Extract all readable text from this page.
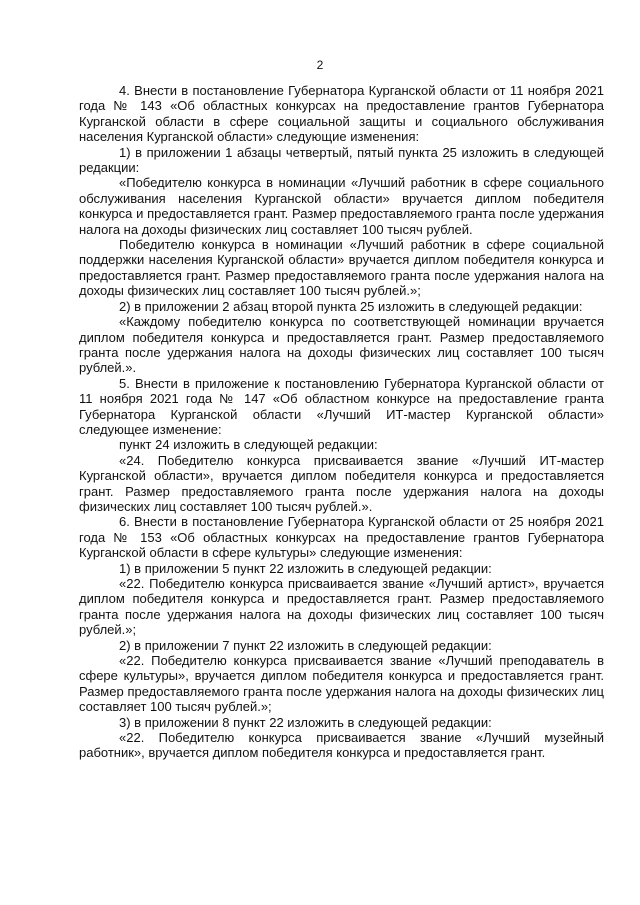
2

4. Внести в постановление Губернатора Курганской области от 11 ноября 2021 года № 143 «Об областных конкурсах на предоставление грантов Губернатора Курганской области в сфере социальной защиты и социального обслуживания населения Курганской области» следующие изменения:

1) в приложении 1 абзацы четвертый, пятый пункта 25 изложить в следующей редакции:

«Победителю конкурса в номинации «Лучший работник в сфере социального обслуживания населения Курганской области» вручается диплом победителя конкурса и предоставляется грант. Размер предоставляемого гранта после удержания налога на доходы физических лиц составляет 100 тысяч рублей.

Победителю конкурса в номинации «Лучший работник в сфере социальной поддержки населения Курганской области» вручается диплом победителя конкурса и предоставляется грант. Размер предоставляемого гранта после удержания налога на доходы физических лиц составляет 100 тысяч рублей.»;

2) в приложении 2 абзац второй пункта 25 изложить в следующей редакции:

«Каждому победителю конкурса по соответствующей номинации вручается диплом победителя конкурса и предоставляется грант. Размер предоставляемого гранта после удержания налога на доходы физических лиц составляет 100 тысяч рублей.».

5. Внести в приложение к постановлению Губернатора Курганской области от 11 ноября 2021 года № 147 «Об областном конкурсе на предоставление гранта Губернатора Курганской области «Лучший ИТ-мастер Курганской области» следующее изменение:

пункт 24 изложить в следующей редакции:

«24. Победителю конкурса присваивается звание «Лучший ИТ-мастер Курганской области», вручается диплом победителя конкурса и предоставляется грант. Размер предоставляемого гранта после удержания налога на доходы физических лиц составляет 100 тысяч рублей.».

6. Внести в постановление Губернатора Курганской области от 25 ноября 2021 года № 153 «Об областных конкурсах на предоставление грантов Губернатора Курганской области в сфере культуры» следующие изменения:

1) в приложении 5 пункт 22 изложить в следующей редакции:

«22. Победителю конкурса присваивается звание «Лучший артист», вручается диплом победителя конкурса и предоставляется грант. Размер предоставляемого гранта после удержания налога на доходы физических лиц составляет 100 тысяч рублей.»;

2) в приложении 7 пункт 22 изложить в следующей редакции:

«22. Победителю конкурса присваивается звание «Лучший преподаватель в сфере культуры», вручается диплом победителя конкурса и предоставляется грант. Размер предоставляемого гранта после удержания налога на доходы физических лиц составляет 100 тысяч рублей.»;

3) в приложении 8 пункт 22 изложить в следующей редакции:

«22. Победителю конкурса присваивается звание «Лучший музейный работник», вручается диплом победителя конкурса и предоставляется грант.
